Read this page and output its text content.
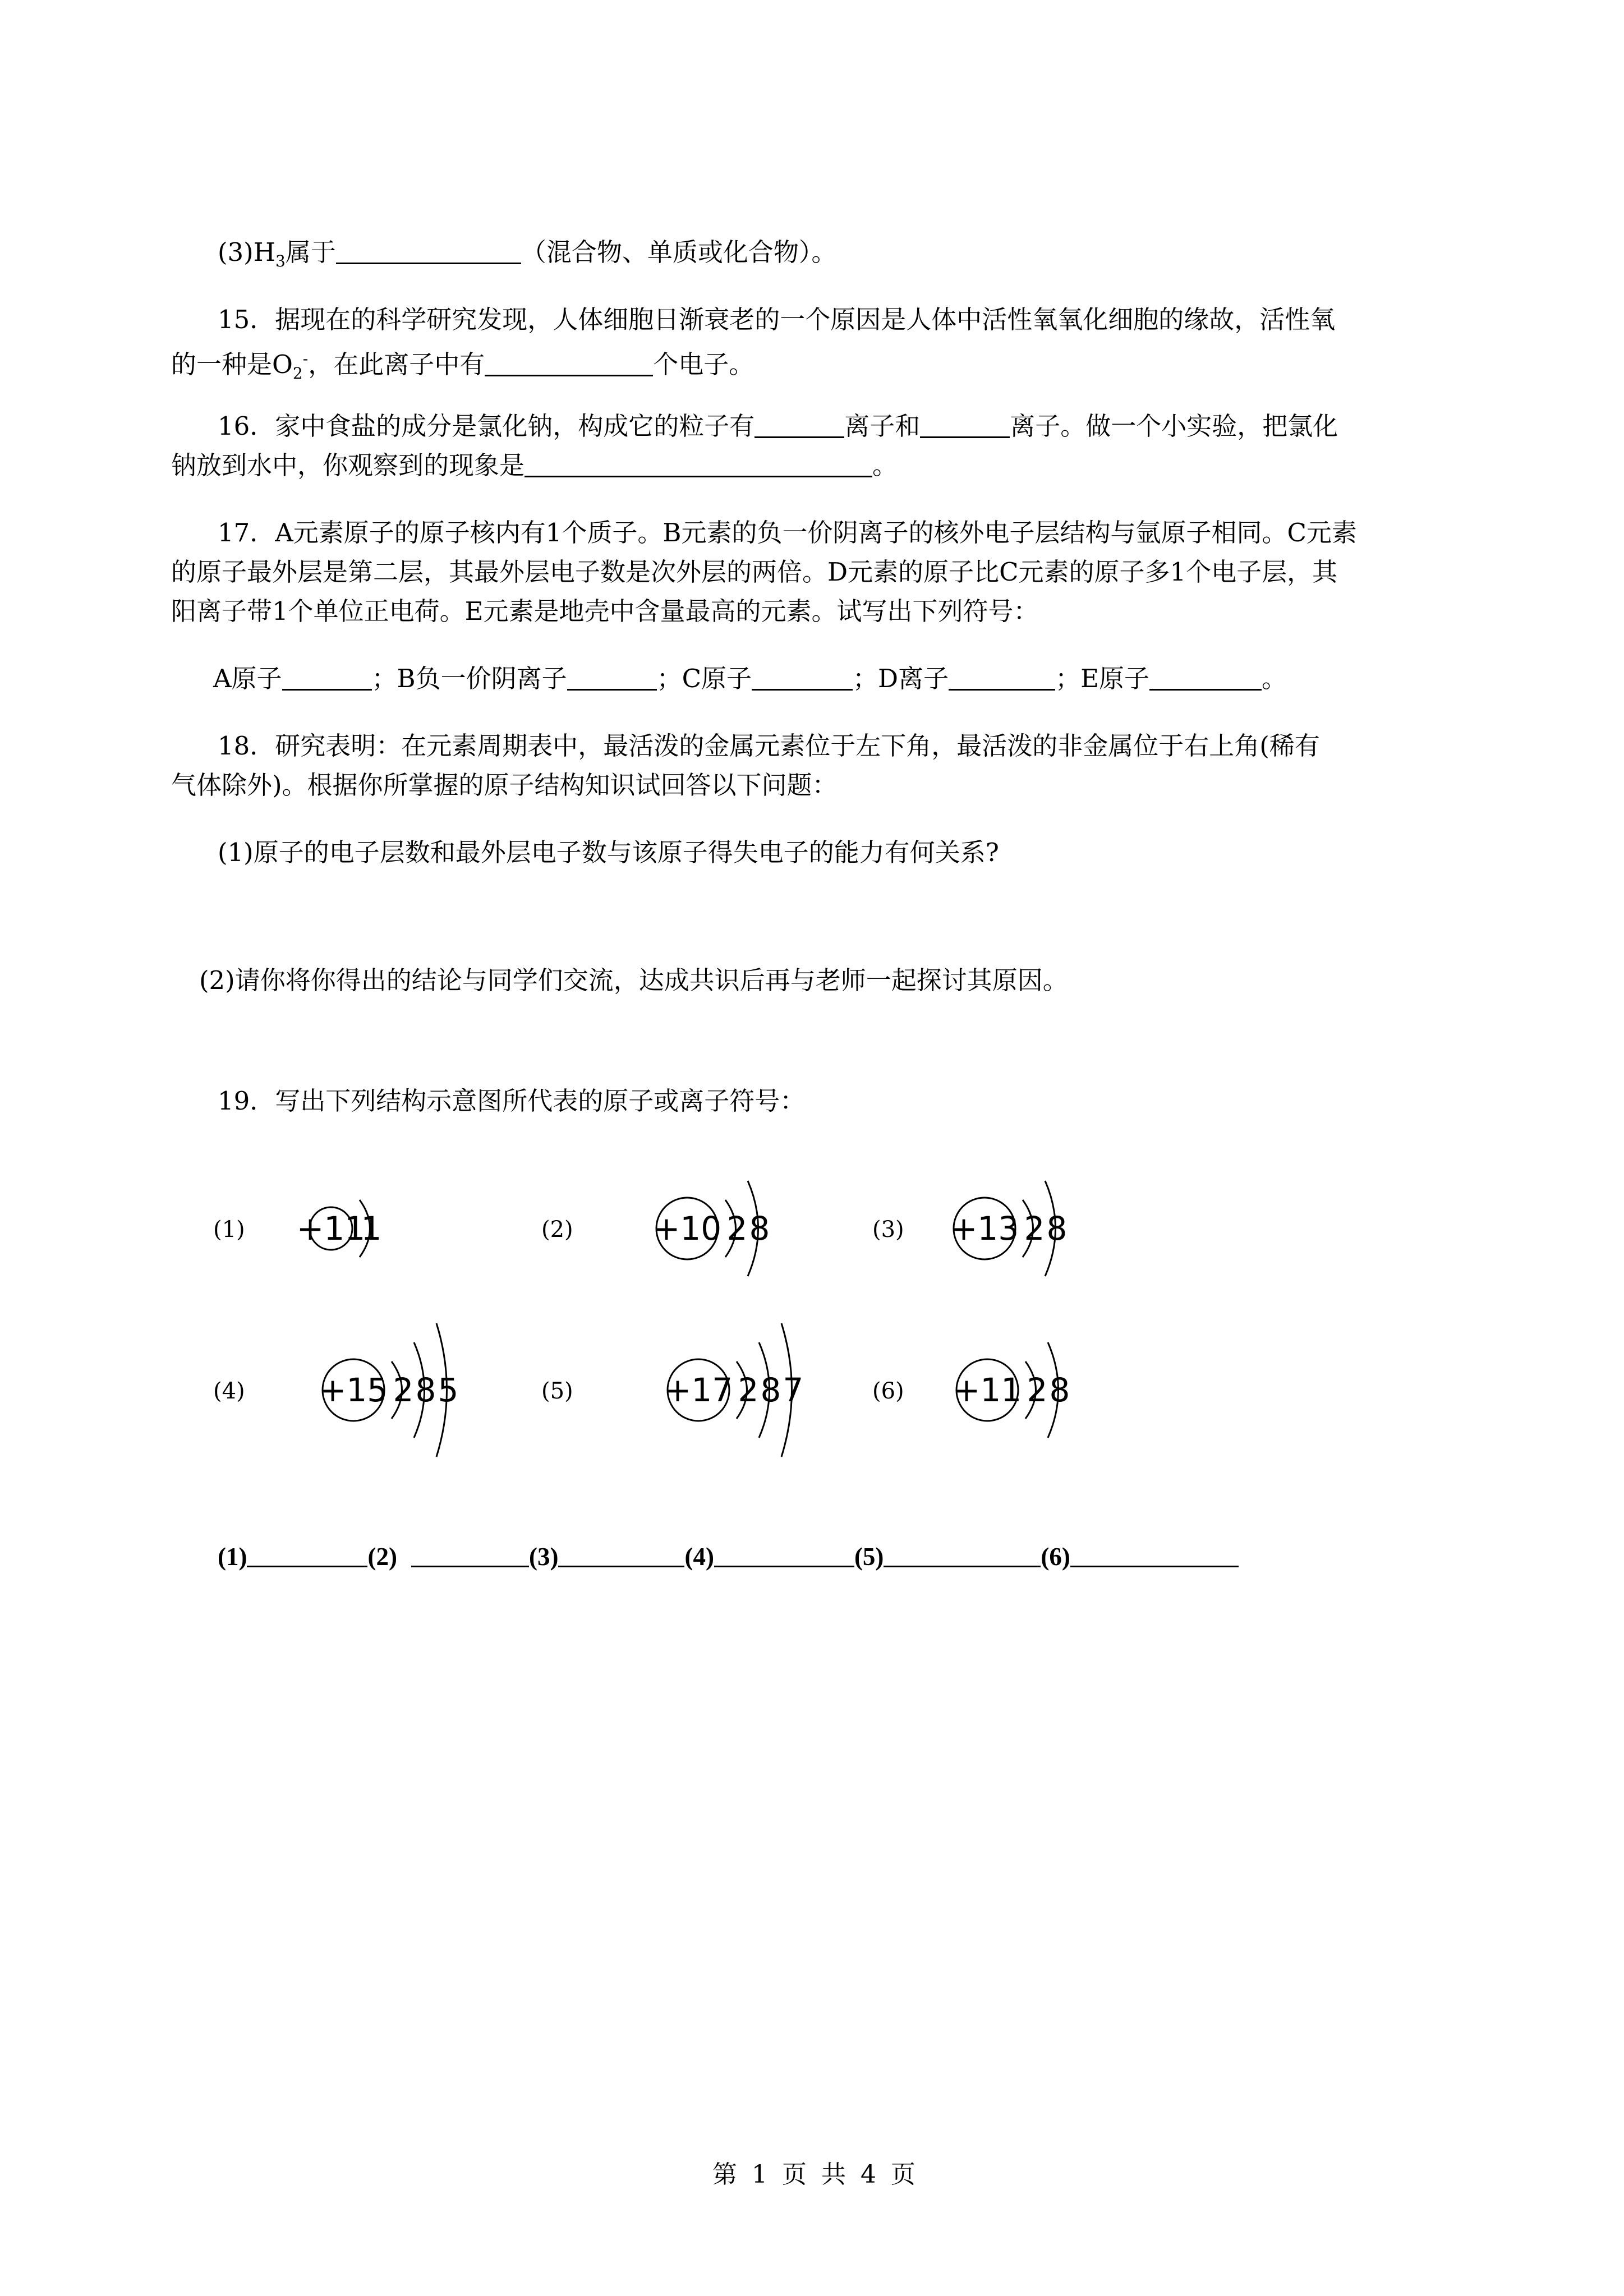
$(3)H_3$属于	（混合物、单质或化合物）。
15．据现在的科学研究发现，人体细胞日渐衰老的一个原因是人体中活性氧氧化细胞的缘故，活性氧
的一种是$O_2^-$，在此离子中有	个电子。
16．家中食盐的成分是氯化钠，构成它的粒子有	离子和	离子。做一个小实验，把氯化
钠放到水中，你观察到的现象是	。
17．A元素原子的原子核内有1个质子。B元素的负一价阴离子的核外电子层结构与氩原子相同。C元素
的原子最外层是第二层，其最外层电子数是次外层的两倍。D元素的原子比C元素的原子多1个电子层，其
阳离子带1个单位正电荷。E元素是地壳中含量最高的元素。试写出下列符号：
A原子	；B负一价阴离子	；C原子	；D离子	；E原子	。
18．研究表明：在元素周期表中，最活泼的金属元素位于左下角，最活泼的非金属位于右上角(稀有
气体除外)。根据你所掌握的原子结构知识试回答以下问题：
(1)原子的电子层数和最外层电子数与该原子得失电子的能力有何关系?
(2)请你将你得出的结论与同学们交流，达成共识后再与老师一起探讨其原因。
19．写出下列结构示意图所代表的原子或离子符号：
(1) +11
1	(2) +10 2 8	(3) +13 2 8
(4) +15 2 8 5	(5)	+17 2 8 7	(6) +11 2 8
(1)	(2)	(3)	(4)	(5)	(6)
第 1 页 共 4 页
